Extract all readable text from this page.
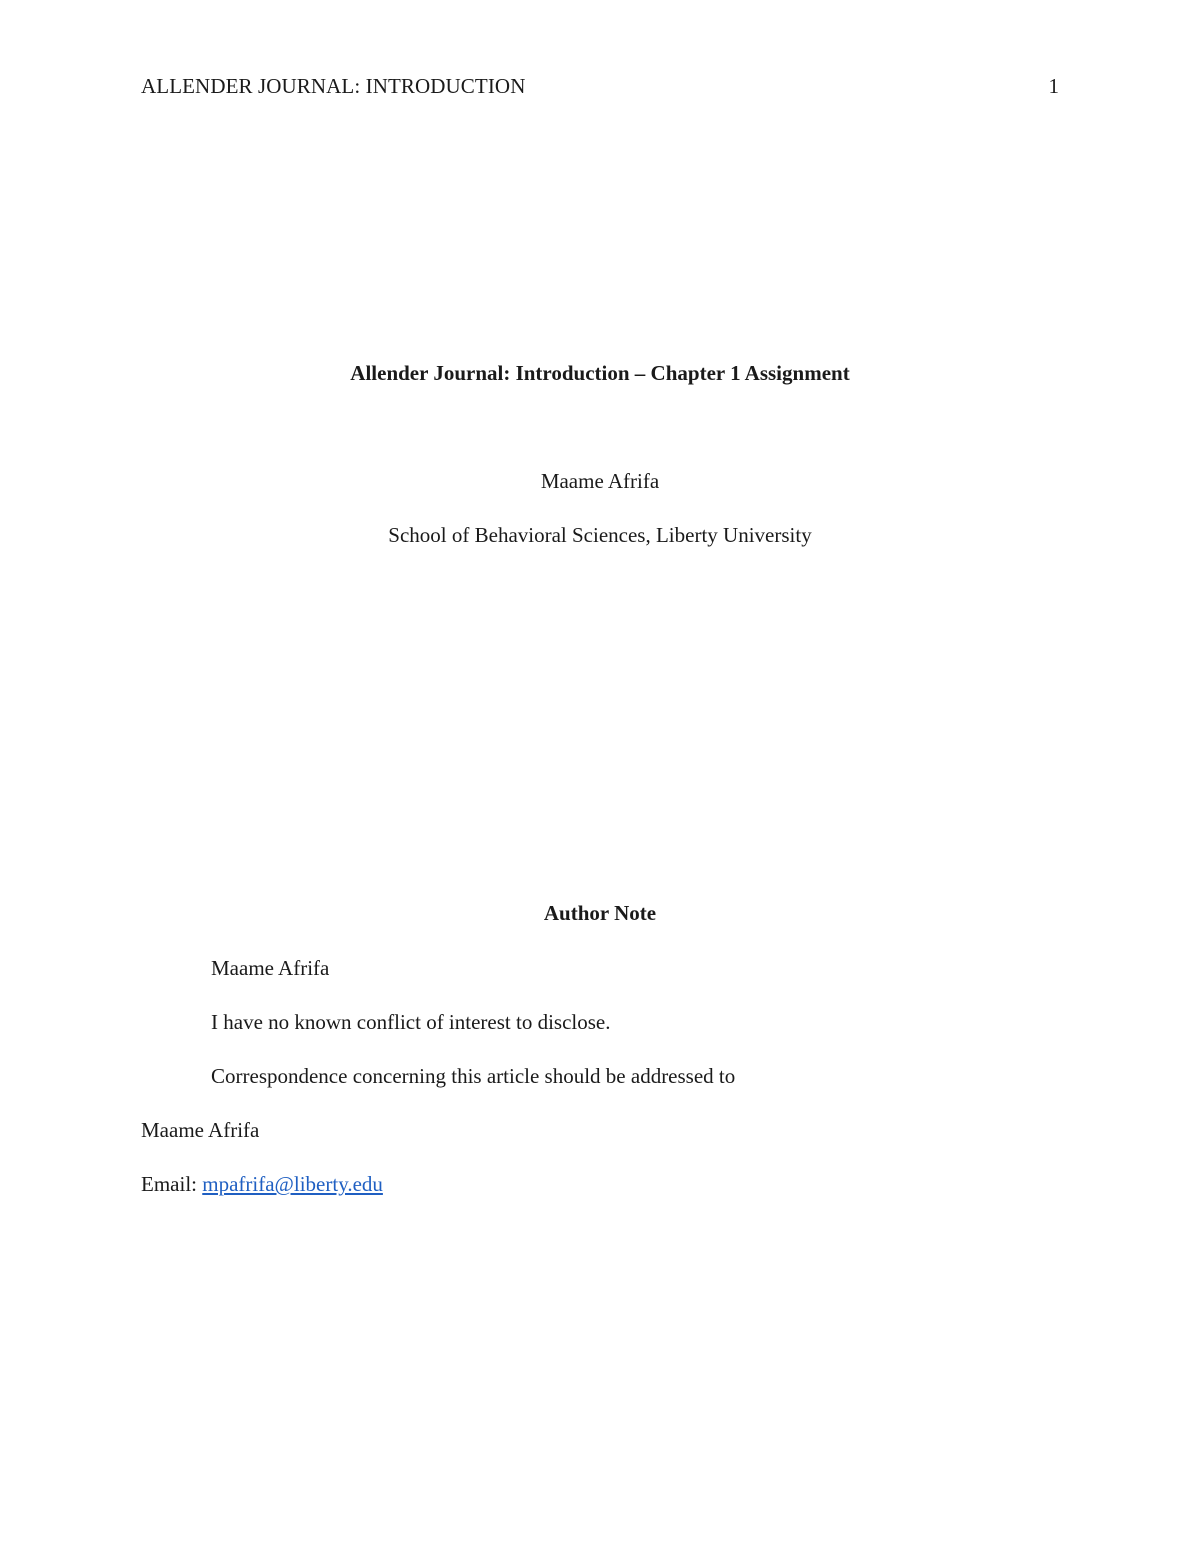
ALLENDER JOURNAL: INTRODUCTION	1
Allender Journal: Introduction – Chapter 1 Assignment
Maame Afrifa
School of Behavioral Sciences, Liberty University
Author Note
Maame Afrifa
I have no known conflict of interest to disclose.
Correspondence concerning this article should be addressed to
Maame Afrifa
Email: mpafrifa@liberty.edu
